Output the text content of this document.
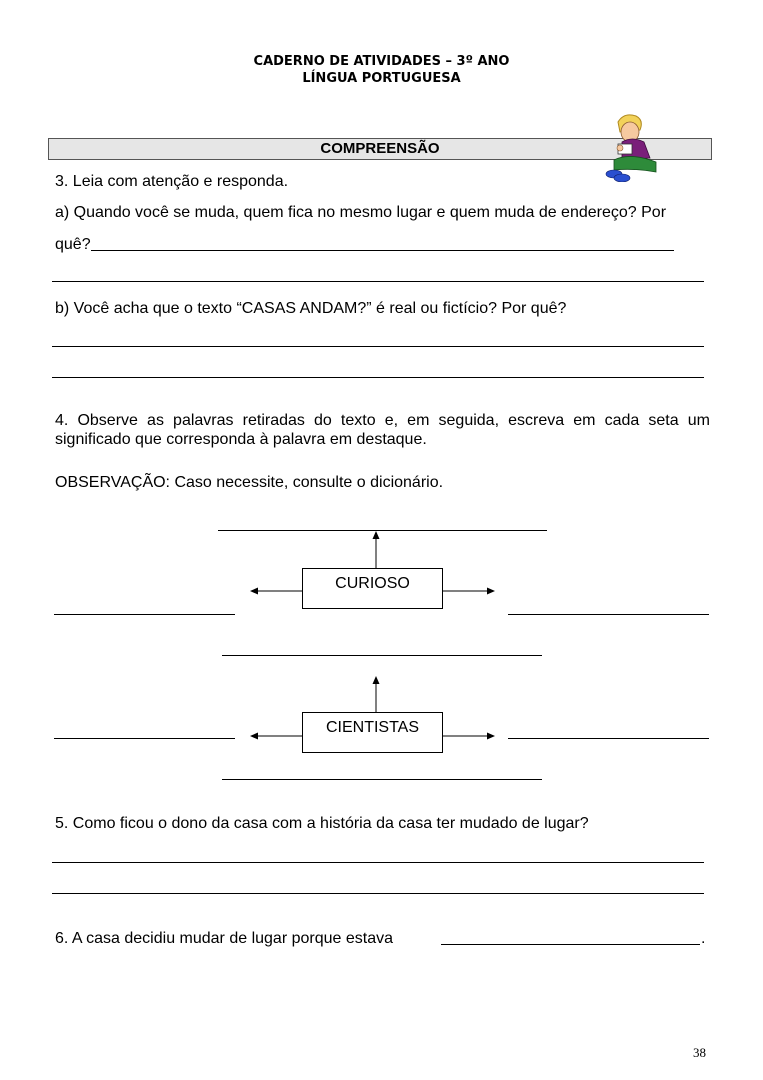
CADERNO DE ATIVIDADES – 3º ANO
LÍNGUA PORTUGUESA
COMPREENSÃO
3. Leia com atenção e responda.
a) Quando você se muda, quem fica no mesmo lugar e quem muda de endereço? Por
quê?
b) Você acha que o texto “CASAS ANDAM?” é real ou fictício? Por quê?
4. Observe as palavras retiradas do texto e, em seguida, escreva em cada seta um significado que corresponda à palavra em destaque.
OBSERVAÇÃO: Caso necessite, consulte o dicionário.
CURIOSO
CIENTISTAS
5. Como ficou o dono da casa com a história da casa ter mudado de lugar?
6. A casa decidiu mudar de lugar porque estava	.
38
